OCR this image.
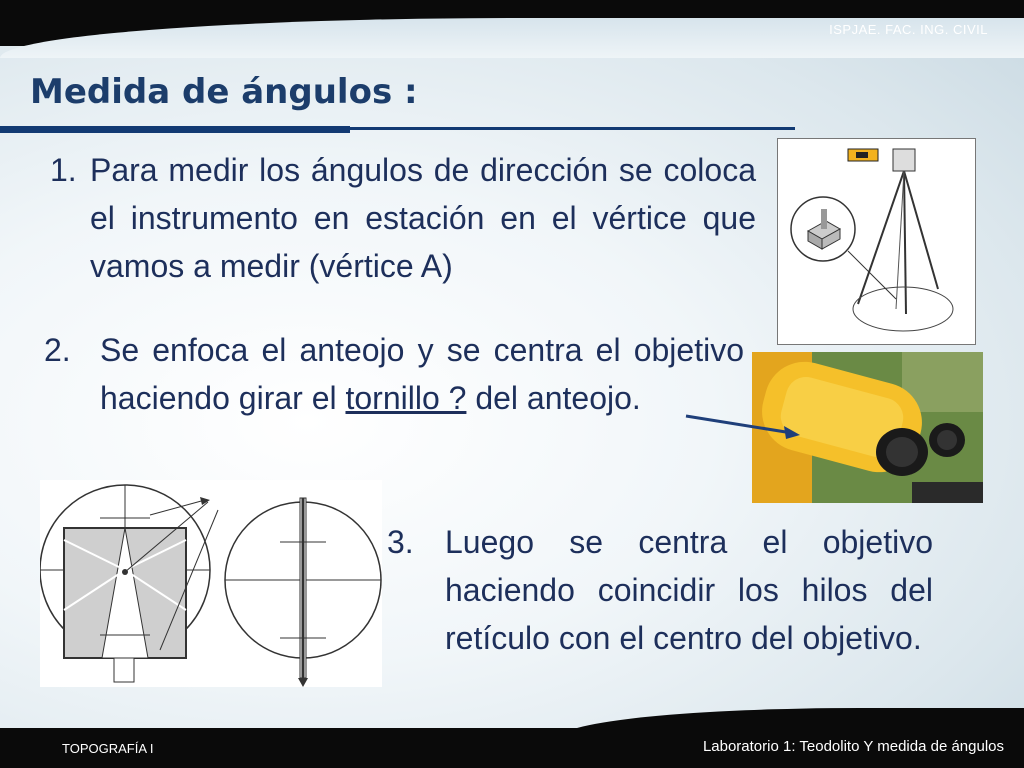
ISPJAE. FAC. ING. CIVIL
Medida de ángulos :
1. Para medir los ángulos de dirección se coloca el instrumento en estación en el vértice que vamos a medir (vértice A)
2. Se enfoca el anteojo y se centra el objetivo haciendo girar el tornillo ? del anteojo.
3. Luego se centra el objetivo haciendo coincidir los hilos del retículo con el centro del objetivo.
TOPOGRAFÍA I	Laboratorio 1: Teodolito Y medida de ángulos
